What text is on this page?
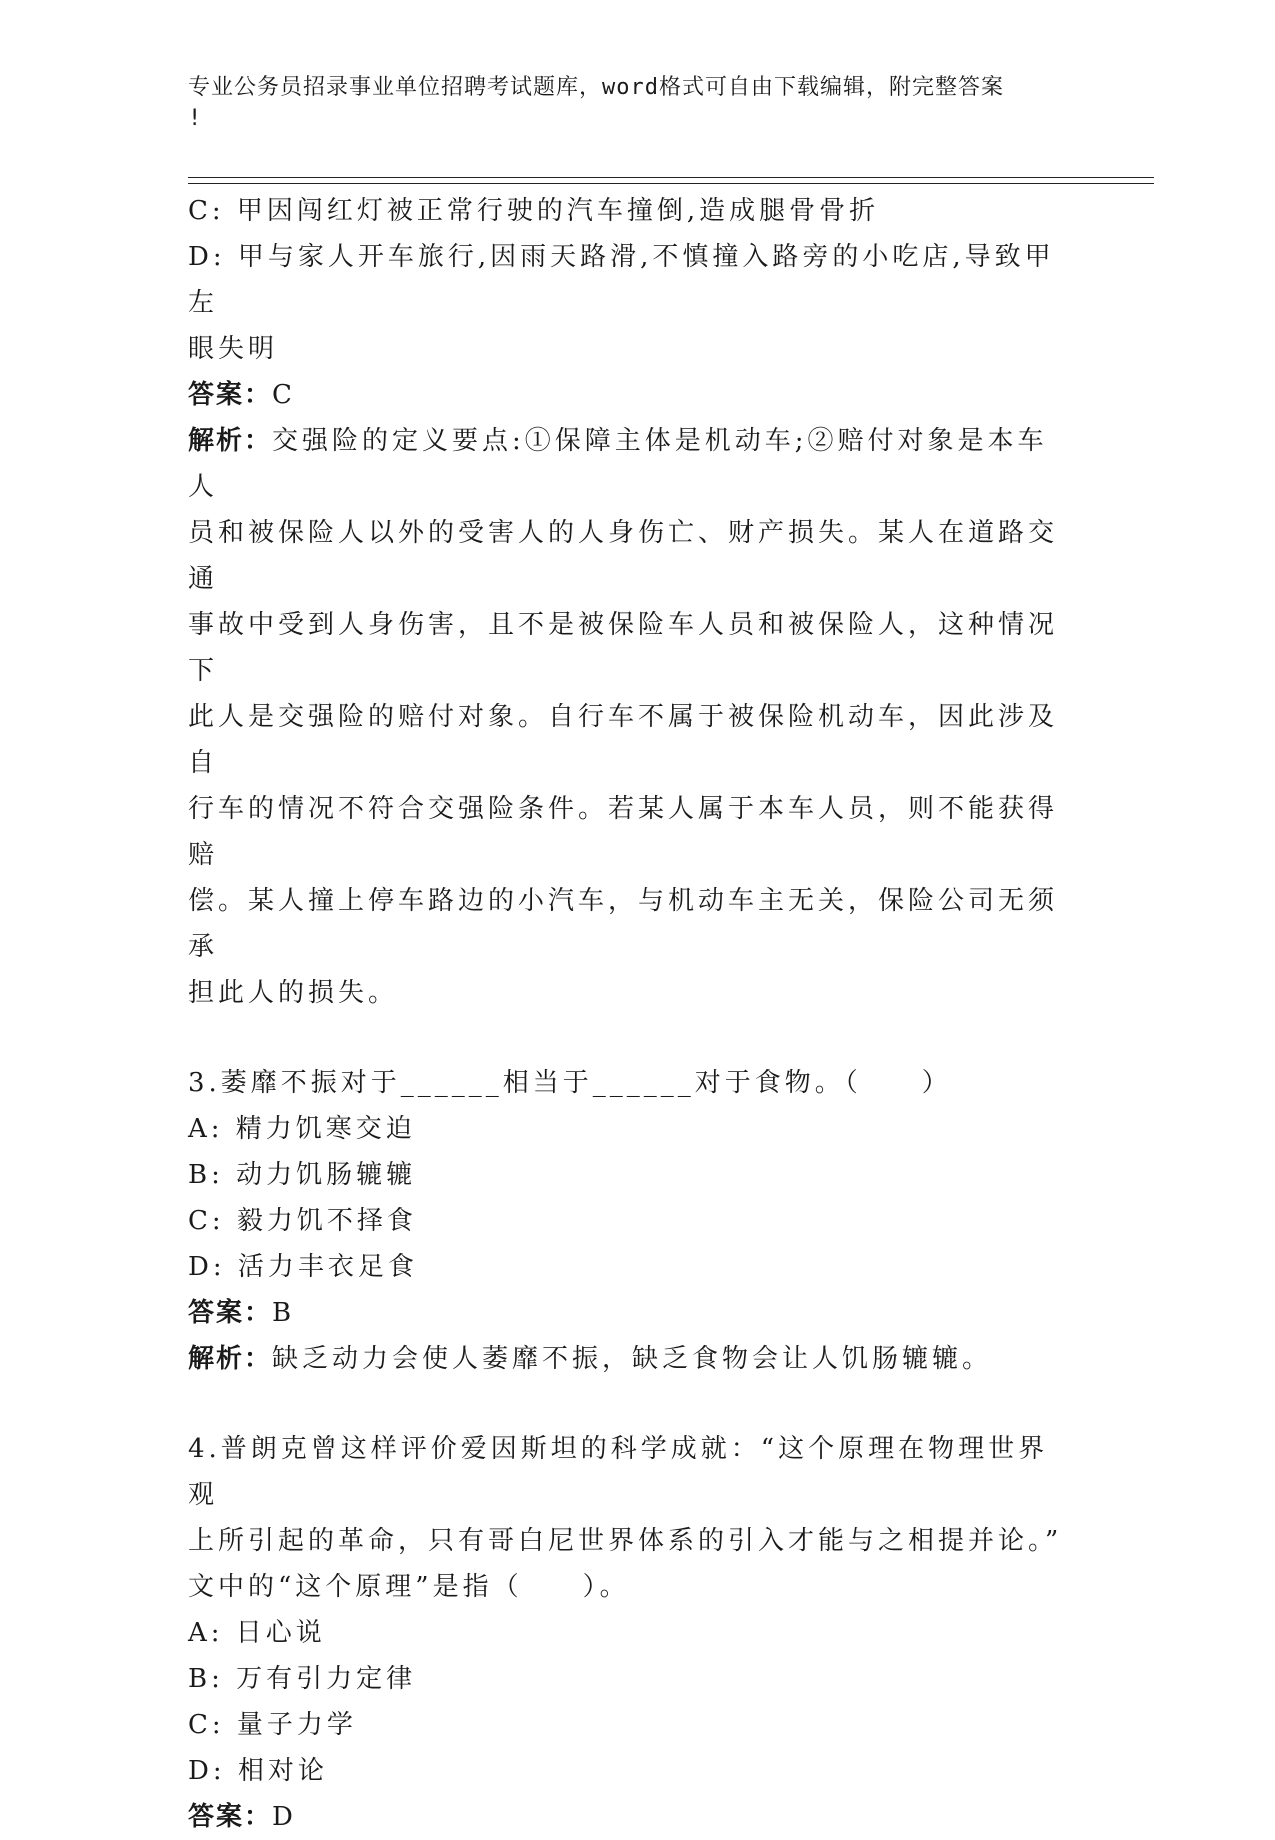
专业公务员招录事业单位招聘考试题库，word格式可自由下载编辑，附完整答案
!

C: 甲因闯红灯被正常行驶的汽车撞倒,造成腿骨骨折

D: 甲与家人开车旅行,因雨天路滑,不慎撞入路旁的小吃店,导致甲左

眼失明

答案：C

解析：交强险的定义要点:①保障主体是机动车;②赔付对象是本车人

员和被保险人以外的受害人的人身伤亡、财产损失。某人在道路交通

事故中受到人身伤害，且不是被保险车人员和被保险人，这种情况下

此人是交强险的赔付对象。自行车不属于被保险机动车，因此涉及自

行车的情况不符合交强险条件。若某人属于本车人员，则不能获得赔

偿。某人撞上停车路边的小汽车，与机动车主无关，保险公司无须承

担此人的损失。

3.萎靡不振对于______相当于______对于食物。（　　）

A: 精力饥寒交迫

B: 动力饥肠辘辘

C: 毅力饥不择食

D: 活力丰衣足食

答案：B

解析：缺乏动力会使人萎靡不振，缺乏食物会让人饥肠辘辘。

4.普朗克曾这样评价爱因斯坦的科学成就：“这个原理在物理世界观

上所引起的革命，只有哥白尼世界体系的引入才能与之相提并论。”

文中的“这个原理”是指（　　）。

A: 日心说

B: 万有引力定律

C: 量子力学

D: 相对论

答案：D
